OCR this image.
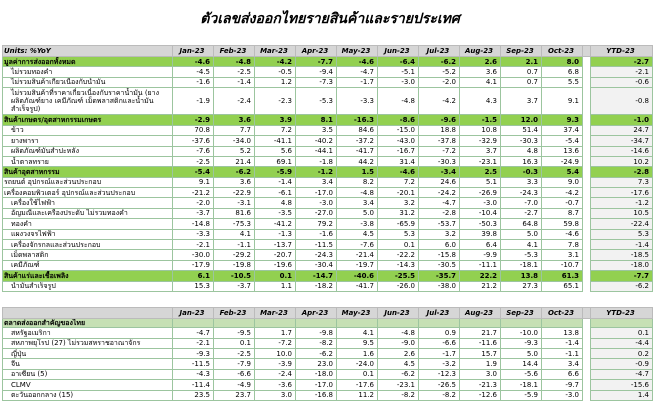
ตัวเลขส่งออกไทยรายสินค้าและรายประเทศ
Units: %YoY	Jan-23	Feb-23	Mar-23	Apr-23	May-23	Jun-23	Jul-23	Aug-23	Sep-23	Oct-23		YTD-23
มูลค่าการส่งออกทั้งหมด	-4.6	-4.8	-4.2	-7.7	-4.6	-6.4	-6.2	2.6	2.1	8.0		-2.7
ไม่รวมทองคำ	-4.5	-2.5	-0.5	-9.4	-4.7	-5.1	-5.2	3.6	0.7	6.8		-2.1
ไม่รวมสินค้าเกี่ยวเนื่องกับน้ำมัน	-1.6	-1.4	1.2	-7.3	-1.7	-3.0	-2.0	4.1	0.7	5.5		-0.6
ไม่รวมสินค้าที่ราคาเกี่ยวเนื่องกับราคาน้ำมัน (ยาง ผลิตภัณฑ์ยาง เคมีภัณฑ์ เม็ดพลาสติกและน้ำมันสำเร็จรูป)	-1.9	-2.4	-2.3	-5.3	-3.3	-4.8	-4.2	4.3	3.7	9.1		-0.8
สินค้าเกษตร/อุตสาหกรรมเกษตร	-2.9	3.6	3.9	8.1	-16.3	-8.6	-9.6	-1.5	12.0	9.3		-1.0
ข้าว	70.8	7.7	7.2	3.5	84.6	-15.0	18.8	10.8	51.4	37.4		24.7
ยางพารา	-37.6	-34.0	-41.1	-40.2	-37.2	-43.0	-37.8	-32.9	-30.3	-5.4		-34.7
ผลิตภัณฑ์มันสำปะหลัง	-7.6	5.2	5.6	-44.1	-41.7	-16.7	-7.2	3.7	4.8	13.6		-14.6
น้ำตาลทราย	-2.5	21.4	69.1	-1.8	44.2	31.4	-30.3	-23.1	16.3	-24.9		10.2
สินค้าอุตสาหกรรม	-5.4	-6.2	-5.9	-1.2	1.5	-4.6	-3.4	2.5	-0.3	5.4		-2.8
รถยนต์ อุปกรณ์และส่วนประกอบ	9.1	3.6	-1.4	3.4	8.2	7.2	24.6	5.1	3.3	9.0		7.3
เครื่องคอมพิวเตอร์ อุปกรณ์และส่วนประกอบ	-21.2	-22.9	-6.1	-17.0	-4.8	-20.1	-24.2	-26.9	-24.3	-4.2		-17.6
เครื่องใช้ไฟฟ้า	-2.0	-3.1	4.8	-3.0	3.4	3.2	-4.7	-3.0	-7.0	-0.7		-1.2
อัญมณีและเครื่องประดับ ไม่รวมทองคำ	-3.7	81.6	-3.5	-27.0	5.0	31.2	-2.8	-10.4	-2.7	8.7		10.5
ทองคำ	-14.8	-75.3	-41.2	79.2	-3.8	-65.9	-53.7	-50.3	64.8	59.8		-22.4
แผงวงจรไฟฟ้า	-3.3	4.1	-1.3	-1.6	4.5	5.3	3.2	39.8	5.0	-4.6		5.3
เครื่องจักรกลและส่วนประกอบ	-2.1	-1.1	-13.7	-11.5	-7.6	0.1	6.0	6.4	4.1	7.8		-1.4
เม็ดพลาสติก	-30.0	-29.2	-20.7	-24.3	-21.4	-22.2	-15.8	-9.9	-5.3	3.1		-18.5
เคมีภัณฑ์	-17.9	-19.8	-19.6	-30.4	-19.7	-14.3	-30.5	-11.1	-18.1	-10.7		-18.0
สินค้าแร่และเชื้อเพลิง	6.1	-10.5	0.1	-14.7	-40.6	-25.5	-35.7	22.2	13.8	61.3		-7.7
น้ำมันสำเร็จรูป	15.3	-3.7	1.1	-18.2	-41.7	-26.0	-38.0	21.2	27.3	65.1		-6.2
	Jan-23	Feb-23	Mar-23	Apr-23	May-23	Jun-23	Jul-23	Aug-23	Sep-23	Oct-23		YTD-23
ตลาดส่งออกสำคัญของไทย												
สหรัฐอเมริกา	-4.7	-9.5	1.7	-9.8	4.1	-4.8	0.9	21.7	-10.0	13.8		0.1
สหภาพยุโรป (27) ไม่รวมสหราชอาณาจักร	-2.1	0.1	-7.2	-8.2	9.5	-9.0	-6.6	-11.6	-9.3	-1.4		-4.4
ญี่ปุ่น	-9.3	-2.5	10.0	-6.2	1.6	2.6	-1.7	15.7	5.0	-1.1		0.2
จีน	-11.5	-7.9	-3.9	23.0	-24.0	4.5	-3.2	1.9	14.4	3.4		-0.9
อาเซียน (5)	-4.3	-6.6	-2.4	-18.0	0.1	-6.2	-12.3	3.0	-5.6	6.6		-4.7
CLMV	-11.4	-4.9	-3.6	-17.0	-17.6	-23.1	-26.5	-21.3	-18.1	-9.7		-15.6
ตะวันออกกลาง (15)	23.5	23.7	3.0	-16.8	11.2	-8.2	-8.2	-12.6	-5.9	-3.0		1.4
